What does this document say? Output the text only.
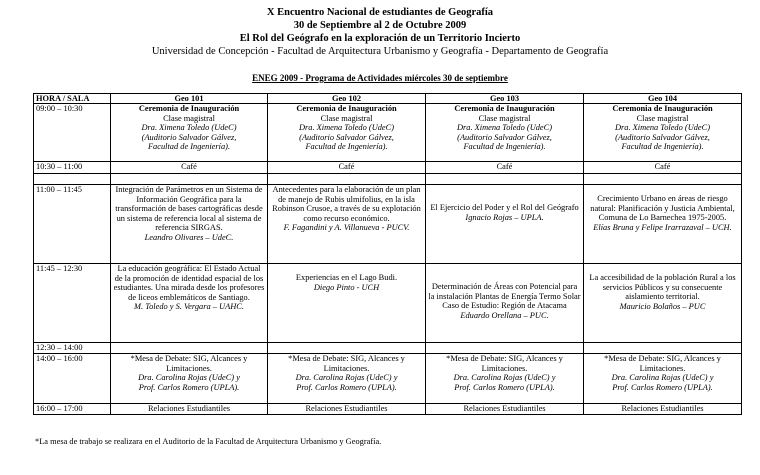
X Encuentro Nacional de estudiantes de Geografía
30 de Septiembre al 2 de Octubre 2009
El Rol del Geógrafo en la exploración de un Territorio Incierto
Universidad de Concepción - Facultad de Arquitectura Urbanismo y Geografía - Departamento de Geografía
ENEG 2009 - Programa de Actividades miércoles 30 de septiembre
HORA / SALA	Geo 101	Geo 102	Geo 103	Geo 104
09:00 – 10:30	Ceremonia de Inauguración
Clase magistral
Dra. Ximena Toledo (UdeC)
(Auditorio Salvador Gálvez,
Facultad de Ingeniería).	Ceremonia de Inauguración
Clase magistral
Dra. Ximena Toledo (UdeC)
(Auditorio Salvador Gálvez,
Facultad de Ingeniería).	Ceremonia de Inauguración
Clase magistral
Dra. Ximena Toledo (UdeC)
(Auditorio Salvador Gálvez,
Facultad de Ingeniería).	Ceremonia de Inauguración
Clase magistral
Dra. Ximena Toledo (UdeC)
(Auditorio Salvador Gálvez,
Facultad de Ingeniería).

10:30 – 11:00	Café	Café	Café	Café

11:00 – 11:45	Integración de Parámetros en un Sistema de Información Geográfica para la transformación de bases cartográficas desde un sistema de referencia local al sistema de referencia SIRGAS.
Leandro Olivares – UdeC.	Antecedentes para la elaboración de un plan de manejo de Rubis ulmifolius, en la isla Robinson Crusoe, a través de su explotación como recurso económico.
F. Fagandini y A. Villanueva - PUCV.	El Ejercicio del Poder y el Rol del Geógrafo
Ignacio Rojas – UPLA.	Crecimiento Urbano en áreas de riesgo natural: Planificación y Justicia Ambiental, Comuna de Lo Barnechea 1975-2005.
Elías Bruna y Felipe Irarrazaval – UCH.

11:45 – 12:30	La educación geográfica: El Estado Actual de la promoción de identidad espacial de los estudiantes. Una mirada desde los profesores de liceos emblemáticos de Santiago.
M. Toledo y S. Vergara – UAHC.	Experiencias en el Lago Budi.
Diego Pinto - UCH	Determinación de Áreas con Potencial para la instalación Plantas de Energía Termo Solar Caso de Estudio: Región de Atacama
Eduardo Orellana – PUC.	La accesibilidad de la población Rural a los servicios Públicos y su consecuente aislamiento territorial.
Mauricio Bolaños – PUC

12:30 – 14:00				
14:00 – 16:00	*Mesa de Debate: SIG, Alcances y Limitaciones.
Dra. Carolina Rojas (UdeC) y
Prof. Carlos Romero (UPLA).	*Mesa de Debate: SIG, Alcances y Limitaciones.
Dra. Carolina Rojas (UdeC) y
Prof. Carlos Romero (UPLA).	*Mesa de Debate: SIG, Alcances y Limitaciones.
Dra. Carolina Rojas (UdeC) y
Prof. Carlos Romero (UPLA).	*Mesa de Debate: SIG, Alcances y Limitaciones.
Dra. Carolina Rojas (UdeC) y
Prof. Carlos Romero (UPLA).

16:00 – 17:00	Relaciones Estudiantiles	Relaciones Estudiantiles	Relaciones Estudiantiles	Relaciones Estudiantiles
*La mesa de trabajo se realizara en el Auditorio de la Facultad de Arquitectura Urbanismo y Geografía.
